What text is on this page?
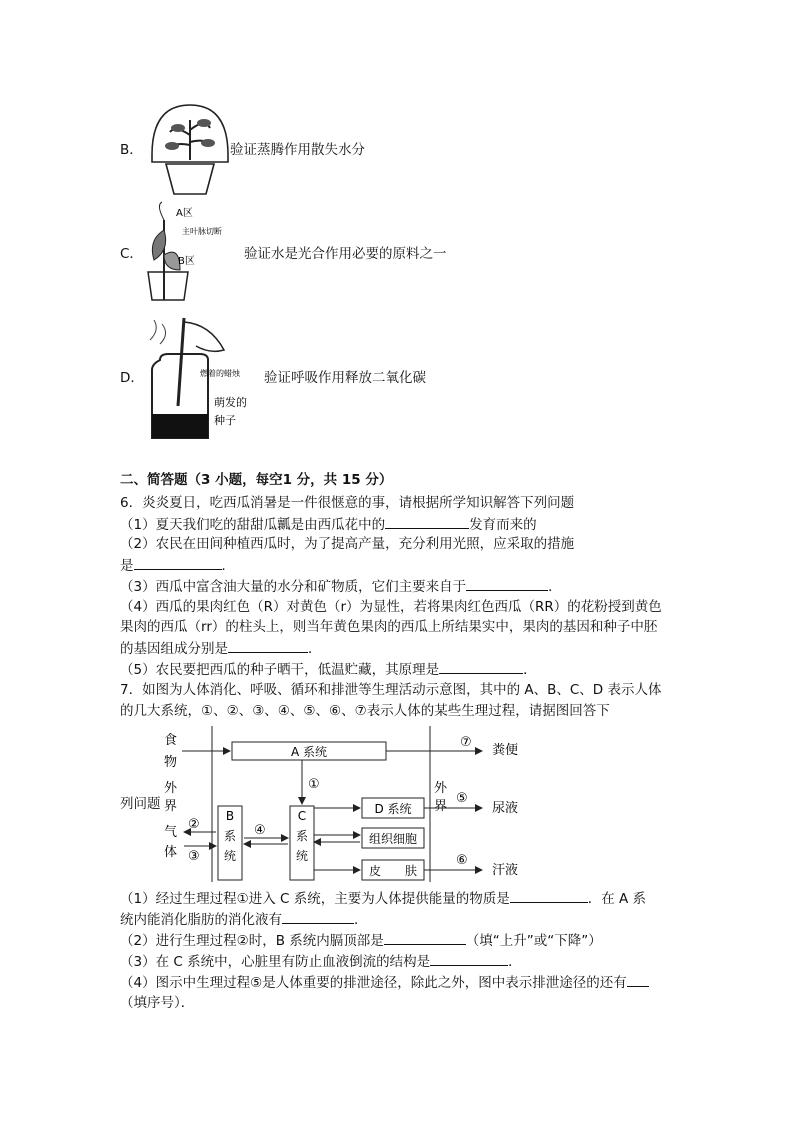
B．	验证蒸腾作用散失水分
C．
A区
主叶脉切断
B区	验证水是光合作用必要的原料之一
D．	燃着的蜡烛
萌发的
种子
验证呼吸作用释放二氧化碳
二、简答题（3 小题，每空1 分，共 15 分）
6．炎炎夏日，吃西瓜消暑是一件很惬意的事，请根据所学知识解答下列问题
（1）夏天我们吃的甜甜瓜瓤是由西瓜花中的	发育而来的
（2）农民在田间种植西瓜时，为了提高产量，充分利用光照，应采取的措施
是	．
（3）西瓜中富含油大量的水分和矿物质，它们主要来自于	．
（4）西瓜的果肉红色（R）对黄色（r）为显性，若将果肉红色西瓜（RR）的花粉授到黄色
果肉的西瓜（rr）的柱头上，则当年黄色果肉的西瓜上所结果实中，果肉的基因和种子中胚
的基因组成分别是	．
（5）农民要把西瓜的种子晒干，低温贮藏，其原理是	．
7．如图为人体消化、呼吸、循环和排泄等生理活动示意图，其中的 A、B、C、D 表示人体
的几大系统，①、②、③、④、⑤、⑥、⑦表示人体的某些生理过程，请据图回答下
列问题
食
物
外
界
气
体
A 系统
⑦
粪便
外
界
①
B
系
统
②
③
④
C
系
统
D 系统
⑤
尿液
组织细胞
皮　　肤
⑥
汗液
（1）经过生理过程①进入 C 系统，主要为人体提供能量的物质是	．在 A 系
统内能消化脂肪的消化液有	．
（2）进行生理过程②时，B 系统内膈顶部是	（填“上升”或“下降”）
（3）在 C 系统中，心脏里有防止血液倒流的结构是	．
（4）图示中生理过程⑤是人体重要的排泄途径，除此之外，图中表示排泄途径的还有
（填序号）．
